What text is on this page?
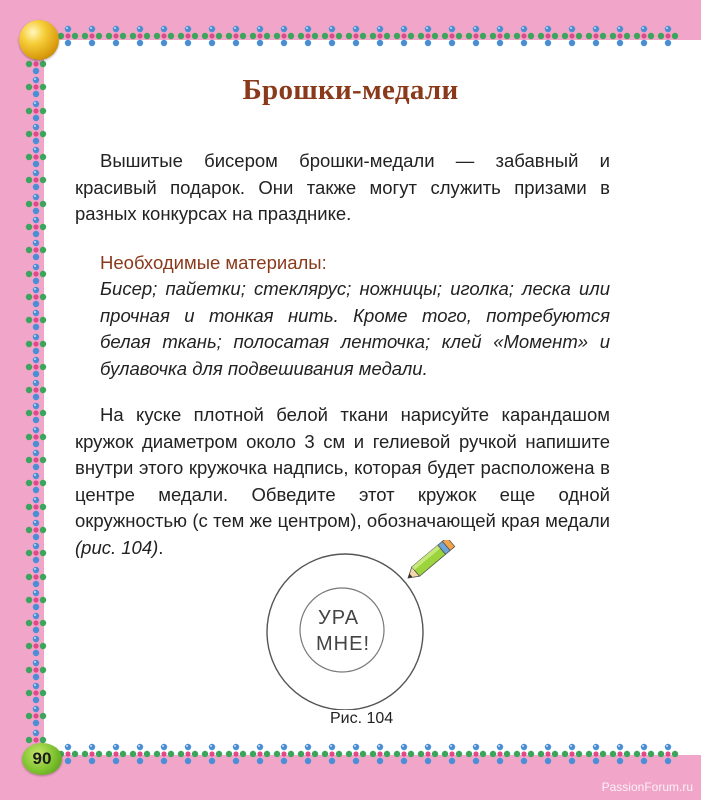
Брошки-медали

Вышитые бисером брошки-медали — забавный и красивый подарок. Они также могут служить призами в разных конкурсах на празднике.

Необходимые материалы:
Бисер; пайетки; стеклярус; ножницы; иголка; леска или прочная и тонкая нить. Кроме того, потребуются белая ткань; полосатая ленточка; клей «Момент» и булавочка для подвешивания медали.

На куске плотной белой ткани нарисуйте карандашом кружок диаметром около 3 см и гелиевой ручкой напишите внутри этого кружочка надпись, которая будет расположена в центре медали. Обведите этот кружок еще одной окружностью (с тем же центром), обозначающей края медали (рис. 104).

УРА
МНЕ!
Рис. 104
90
PassionForum.ru
